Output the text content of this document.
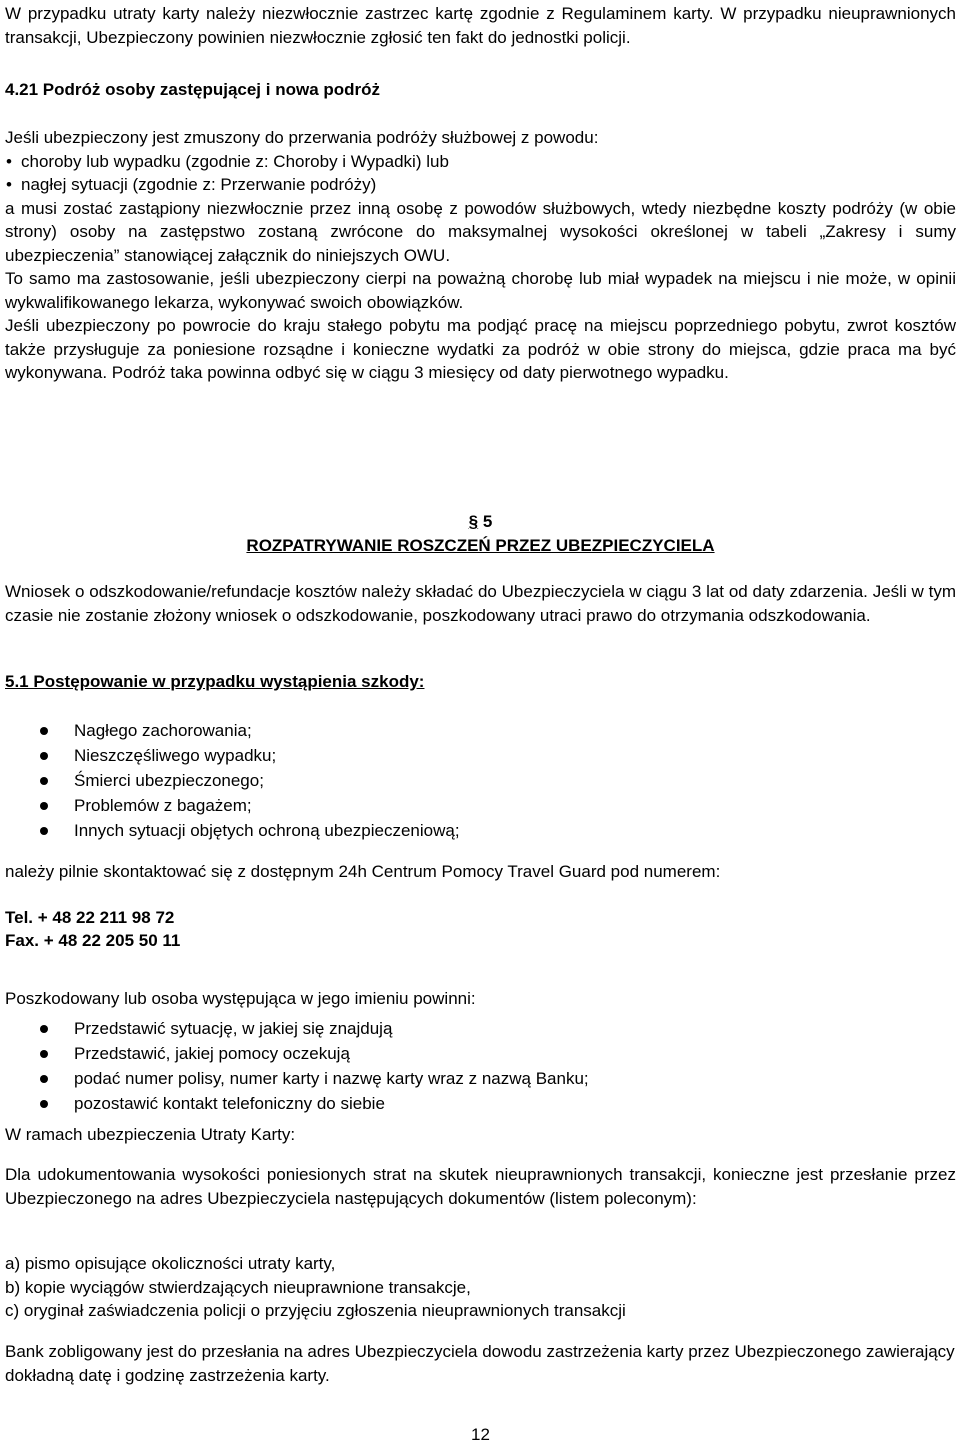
W przypadku utraty karty należy niezwłocznie zastrzec kartę zgodnie z Regulaminem karty. W przypadku nieuprawnionych transakcji, Ubezpieczony powinien niezwłocznie zgłosić ten fakt do jednostki policji.

4.21 Podróż osoby zastępującej i nowa podróż

Jeśli ubezpieczony jest zmuszony do przerwania podróży służbowej z powodu:

• choroby lub wypadku (zgodnie z: Choroby i Wypadki) lub
• nagłej sytuacji (zgodnie z: Przerwanie podróży)

a musi zostać zastąpiony niezwłocznie przez inną osobę z powodów służbowych, wtedy niezbędne koszty podróży (w obie strony) osoby na zastępstwo zostaną zwrócone do maksymalnej wysokości określonej w tabeli „Zakresy i sumy ubezpieczenia” stanowiącej załącznik do niniejszych OWU.

To samo ma zastosowanie, jeśli ubezpieczony cierpi na poważną chorobę lub miał wypadek na miejscu i nie może, w opinii wykwalifikowanego lekarza, wykonywać swoich obowiązków.

Jeśli ubezpieczony po powrocie do kraju stałego pobytu ma podjąć pracę na miejscu poprzedniego pobytu, zwrot kosztów także przysługuje za poniesione rozsądne i konieczne wydatki za podróż w obie strony do miejsca, gdzie praca ma być wykonywana. Podróż taka powinna odbyć się w ciągu 3 miesięcy od daty pierwotnego wypadku.

§ 5
ROZPATRYWANIE ROSZCZEŃ PRZEZ UBEZPIECZYCIELA

Wniosek o odszkodowanie/refundacje kosztów należy składać do Ubezpieczyciela w ciągu 3 lat od daty zdarzenia. Jeśli w tym czasie nie zostanie złożony wniosek o odszkodowanie, poszkodowany utraci prawo do otrzymania odszkodowania.

5.1 Postępowanie w przypadku wystąpienia szkody:
Nagłego zachorowania;
Nieszczęśliwego wypadku;
Śmierci ubezpieczonego;
Problemów z bagażem;
Innych sytuacji objętych ochroną ubezpieczeniową;

należy pilnie skontaktować się z dostępnym 24h Centrum Pomocy Travel Guard pod numerem:

Tel. + 48 22 211 98 72
Fax. + 48 22 205 50 11

Poszkodowany lub osoba występująca w jego imieniu powinni:

Przedstawić sytuację, w jakiej się znajdują
Przedstawić, jakiej pomocy oczekują
podać numer polisy, numer karty i nazwę karty wraz z nazwą Banku;
pozostawić kontakt telefoniczny do siebie

W ramach ubezpieczenia Utraty Karty:

Dla udokumentowania wysokości poniesionych strat na skutek nieuprawnionych transakcji, konieczne jest przesłanie przez Ubezpieczonego na adres Ubezpieczyciela następujących dokumentów (listem poleconym):

a) pismo opisujące okoliczności utraty karty,
b) kopie wyciągów stwierdzających nieuprawnione transakcje,
c) oryginał zaświadczenia policji o przyjęciu zgłoszenia nieuprawnionych transakcji

Bank zobligowany jest do przesłania na adres Ubezpieczyciela dowodu zastrzeżenia karty przez Ubezpieczonego zawierający dokładną datę i godzinę zastrzeżenia karty.

12
